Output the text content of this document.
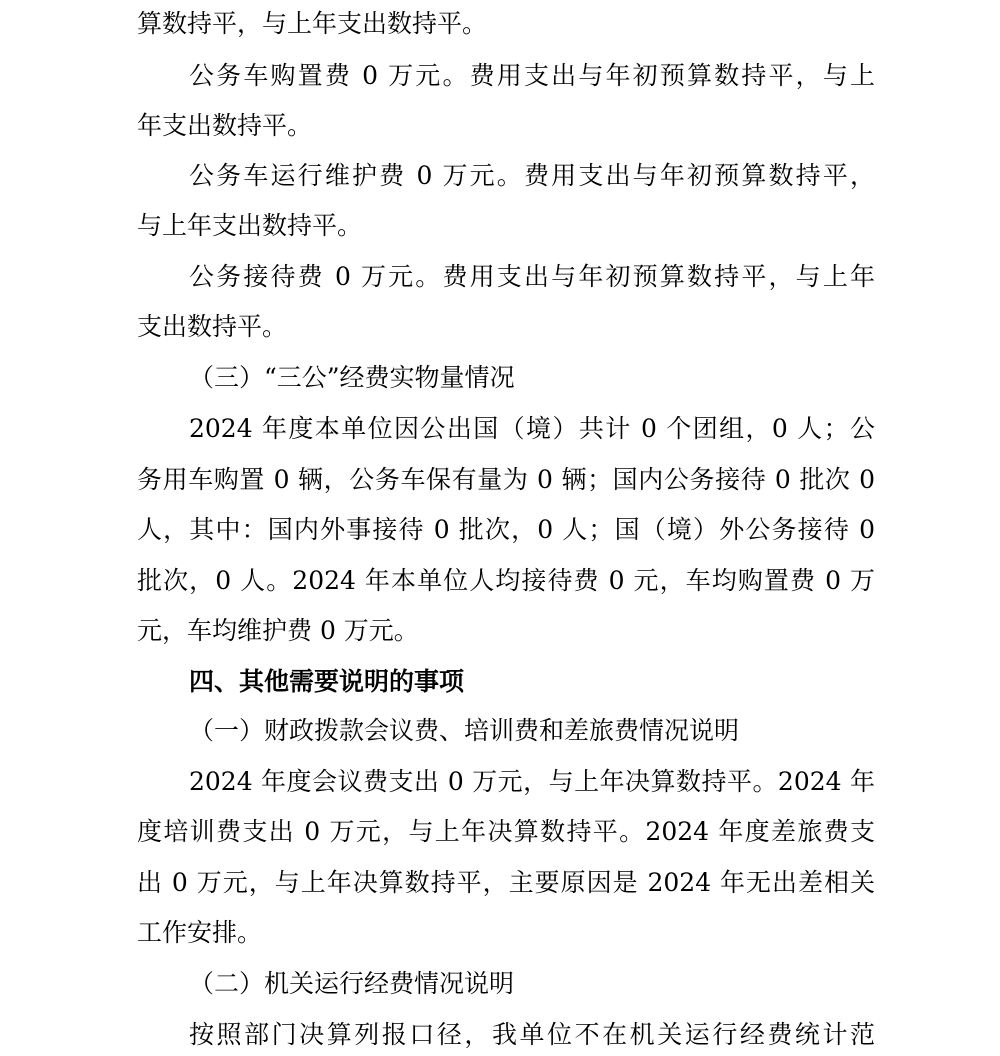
算数持平，与上年支出数持平。
公务车购置费 0 万元。费用支出与年初预算数持平，与上
年支出数持平。
公务车运行维护费 0 万元。费用支出与年初预算数持平，
与上年支出数持平。
公务接待费 0 万元。费用支出与年初预算数持平，与上年
支出数持平。
（三）“三公”经费实物量情况
2024 年度本单位因公出国（境）共计 0 个团组，0 人；公
务用车购置 0 辆，公务车保有量为 0 辆；国内公务接待 0 批次 0
人，其中：国内外事接待 0 批次，0 人；国（境）外公务接待 0
批次，0 人。2024 年本单位人均接待费 0 元，车均购置费 0 万
元，车均维护费 0 万元。
四、其他需要说明的事项
（一）财政拨款会议费、培训费和差旅费情况说明
2024 年度会议费支出 0 万元，与上年决算数持平。2024 年
度培训费支出 0 万元，与上年决算数持平。2024 年度差旅费支
出 0 万元，与上年决算数持平，主要原因是 2024 年无出差相关
工作安排。
（二）机关运行经费情况说明
按照部门决算列报口径，我单位不在机关运行经费统计范
